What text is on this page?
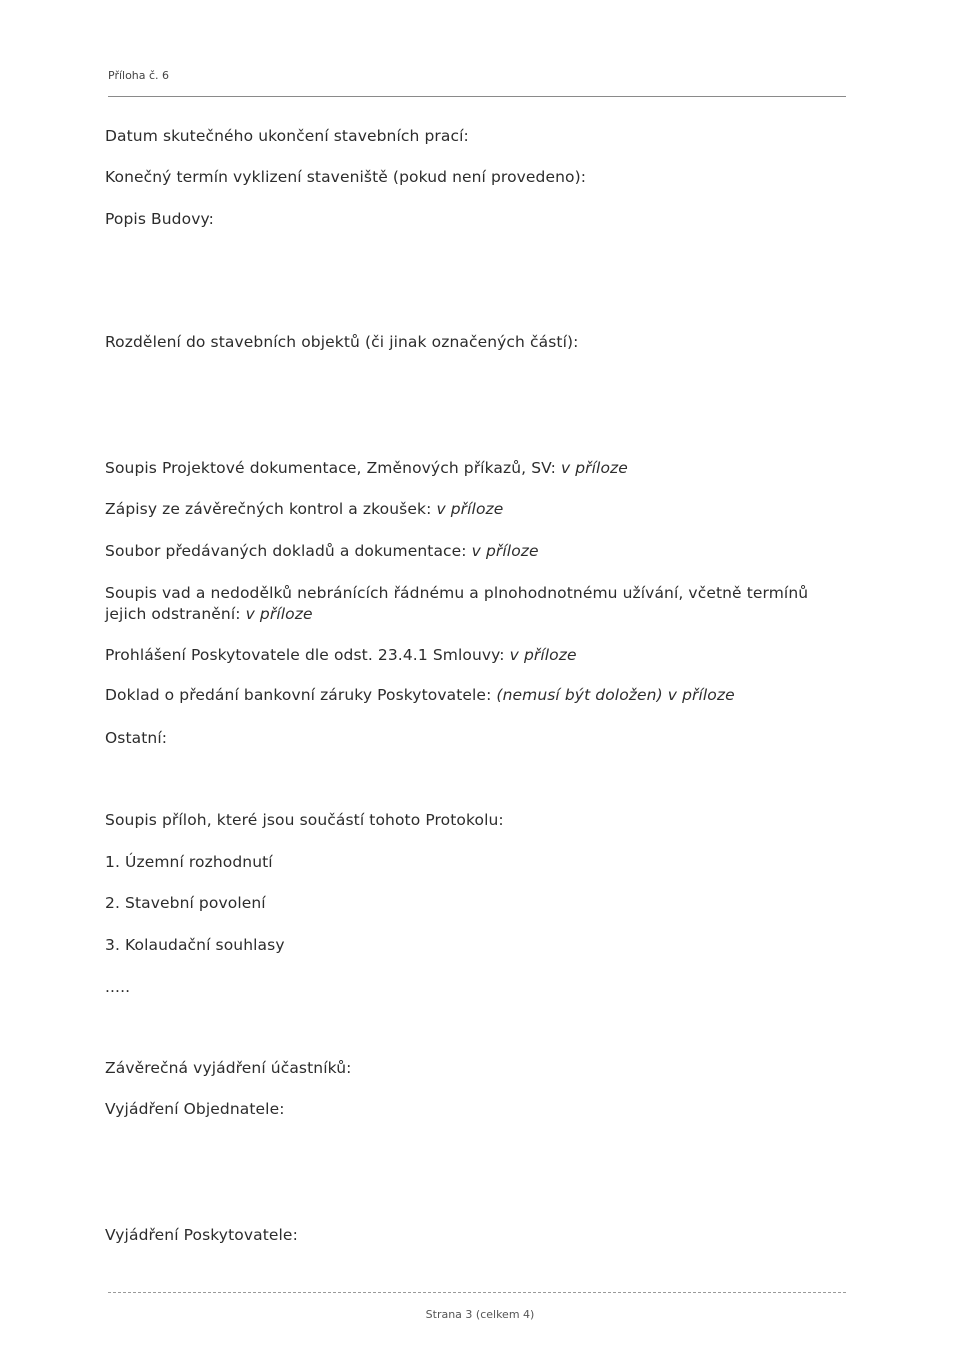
Příloha č. 6
Datum skutečného ukončení stavebních prací:
Konečný termín vyklizení staveniště (pokud není provedeno):
Popis Budovy:
Rozdělení do stavebních objektů (či jinak označených částí):
Soupis Projektové dokumentace, Změnových příkazů, SV: v příloze
Zápisy ze závěrečných kontrol a zkoušek: v příloze
Soubor předávaných dokladů a dokumentace: v příloze
Soupis vad a nedodělků nebránících řádnému a plnohodnotnému užívání, včetně termínů jejich odstranění: v příloze
Prohlášení Poskytovatele dle odst. 23.4.1 Smlouvy: v příloze
Doklad o předání bankovní záruky Poskytovatele: (nemusí být doložen) v příloze
Ostatní:
Soupis příloh, které jsou součástí tohoto Protokolu:
1. Územní rozhodnutí
2. Stavební povolení
3. Kolaudační souhlasy
.....
Závěrečná vyjádření účastníků:
Vyjádření Objednatele:
Vyjádření Poskytovatele:
Strana 3 (celkem 4)
